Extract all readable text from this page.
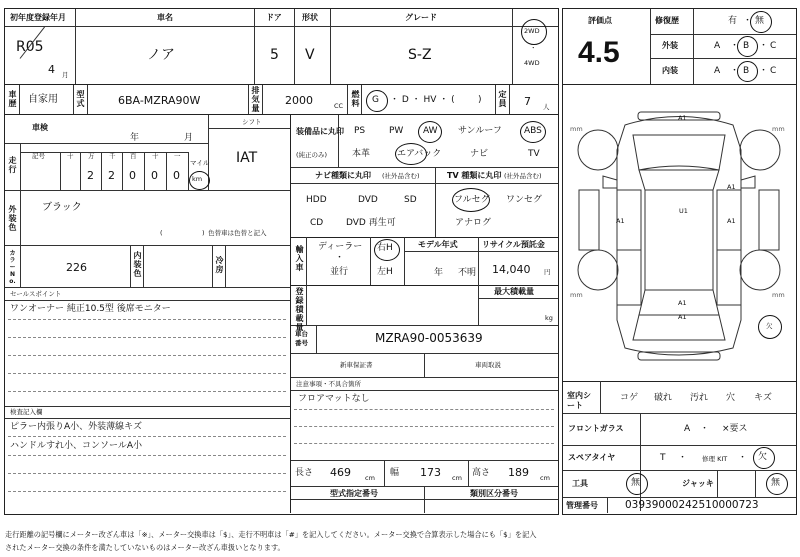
初年度登録年月
R05
4 月
車名
ノア
ドア
5
形状
V
グレード
S-Z
2WD
・
4WD
車歴 自家用 型式	6BA-MZRA90W
排気量
2000	CC
燃料 G ・ D ・ HV ・ (	)
定員 7 人
車検
年	月
シフト
IAT
走行
記号	十 万 千 百 十 一
2 2 0 0 0
マイル
km
外装色
ブラック
(	) 色替車は色替と記入
カラーNo.
226
内装色
冷房
セールスポイント
ワンオーナー 純正10.5型 後席モニター
検査記入欄
ピラー内張りA小、外装薄線キズ
ハンドルすれ小、コンソールA小
装備品に丸印
(純正のみ)
PS	PW AW サンルーフ ABS
本革	エアバック	ナビ	TV
ナビ種類に丸印 (社外品含む)
HDD	DVD	SD
CD	DVD 再生可
TV 種類に丸印 (社外品含む)
フルセグ ワンセグ
アナログ
輸入車
ディーラー
・
並行
右H
左H
モデル年式
年 不明
リサイクル預託金
14,040 円
登録積載量
最大積載量
kg
車台番号	MZRA90-0053639
新車保証書	車両取説
注意事項・不具合箇所
フロアマットなし
長さ 469 cm 幅 173 cm 高さ 189 cm
型式指定番号	類別区分番号
評価点
4.5
修復歴	有 ・ 無
外装	A ・ B ・ C
内装	A ・ B ・ C
A1
A1
A1	A1
U1
A1
A1
mm	mm
mm	mm
欠
室内シート
コゲ 破れ 汚れ 穴 キズ
フロントガラス	A ・ ×要ス
スペアタイヤ	T ・ 修理 KIT ・ 欠
工具	無	ジャッキ	無
管理番号	03939000242510000723
走行距離の記号欄にメーター改ざん車は「※」、メーター交換車は「$」、走行不明車は「#」を記入してください。メーター交換で合算表示した場合にも「$」を記入
されたメーター交換の条件を満たしていないものはメーター改ざん車扱いとなります。
